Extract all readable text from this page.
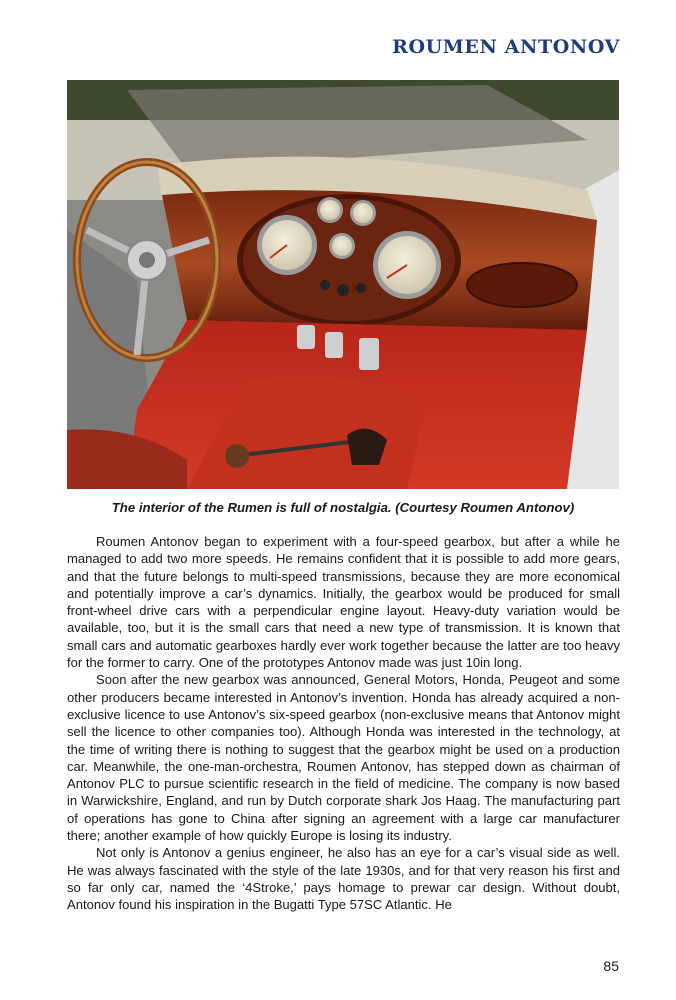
ROUMEN ANTONOV
The interior of the Rumen is full of nostalgia. (Courtesy Roumen Antonov)

Roumen Antonov began to experiment with a four-speed gearbox, but after a while he managed to add two more speeds. He remains confident that it is possible to add more gears, and that the future belongs to multi-speed transmissions, because they are more economical and potentially improve a car’s dynamics. Initially, the gearbox would be produced for small front-wheel drive cars with a perpendicular engine layout. Heavy-duty variation would be available, too, but it is the small cars that need a new type of transmission. It is known that small cars and automatic gearboxes hardly ever work together because the latter are too heavy for the former to carry. One of the prototypes Antonov made was just 10in long.

Soon after the new gearbox was announced, General Motors, Honda, Peugeot and some other producers became interested in Antonov’s invention. Honda has already acquired a non-exclusive licence to use Antonov’s six-speed gearbox (non-exclusive means that Antonov might sell the licence to other companies too). Although Honda was interested in the technology, at the time of writing there is nothing to suggest that the gearbox might be used on a production car. Meanwhile, the one-man-orchestra, Roumen Antonov, has stepped down as chairman of Antonov PLC to pursue scientific research in the field of medicine. The company is now based in Warwickshire, England, and run by Dutch corporate shark Jos Haag. The manufacturing part of operations has gone to China after signing an agreement with a large car manufacturer there; another example of how quickly Europe is losing its industry.

Not only is Antonov a genius engineer, he also has an eye for a car’s visual side as well. He was always fascinated with the style of the late 1930s, and for that very reason his first and so far only car, named the ‘4Stroke,’ pays homage to prewar car design. Without doubt, Antonov found his inspiration in the Bugatti Type 57SC Atlantic. He

85
